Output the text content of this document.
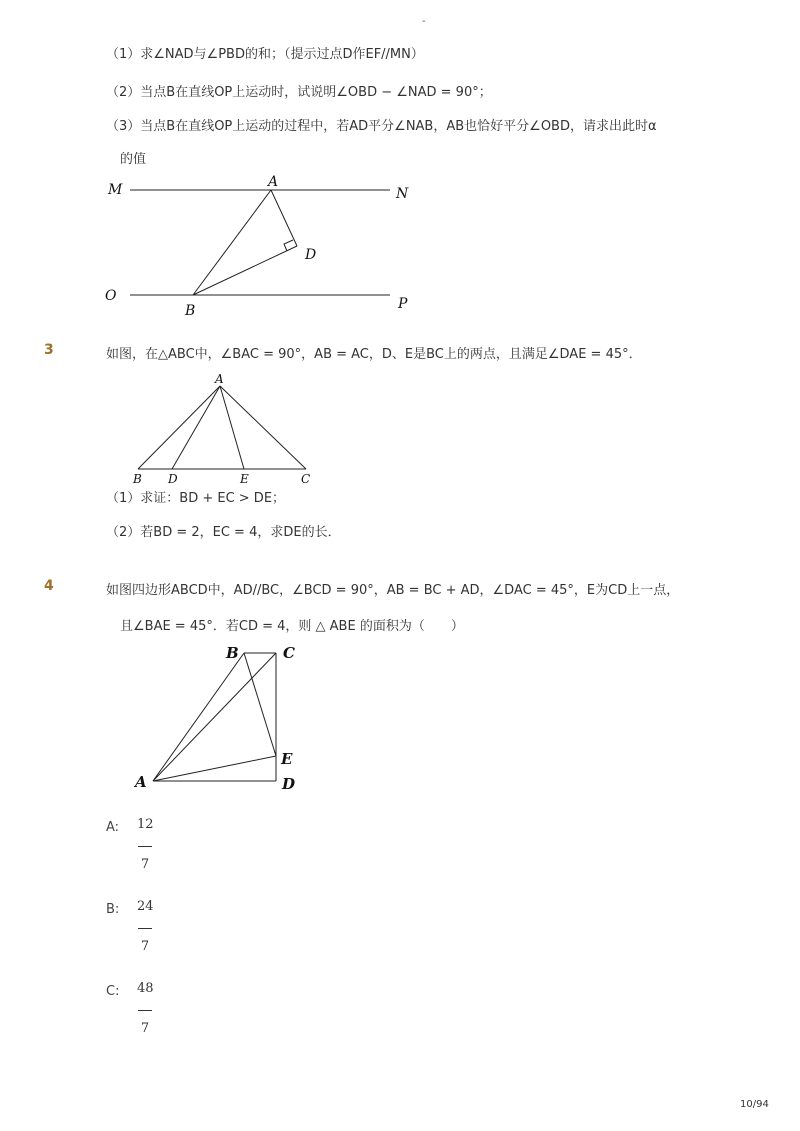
-
（1）求∠NAD与∠PBD的和；（提示过点D作EF//MN）
（2）当点B在直线OP上运动时，试说明∠OBD − ∠NAD = 90°；
（3）当点B在直线OP上运动的过程中，若AD平分∠NAB，AB也恰好平分∠OBD，请求出此时α
的值
M	A
N
D
O	P
B
3	如图，在△ABC中，∠BAC = 90°，AB = AC，D、E是BC上的两点，且满足∠DAE = 45°．
A
B D	E	C
（1）求证：BD + EC > DE；
（2）若BD = 2，EC = 4，求DE的长．
4	如图四边形ABCD中，AD//BC，∠BCD = 90°，AB = BC + AD，∠DAC = 45°，E为CD上一点，
且∠BAE = 45°．若CD = 4，则 △ ABE 的面积为（　　）
B	C
E
A	D
A: 12
7
B: 24
7
C: 48
7
10/94
